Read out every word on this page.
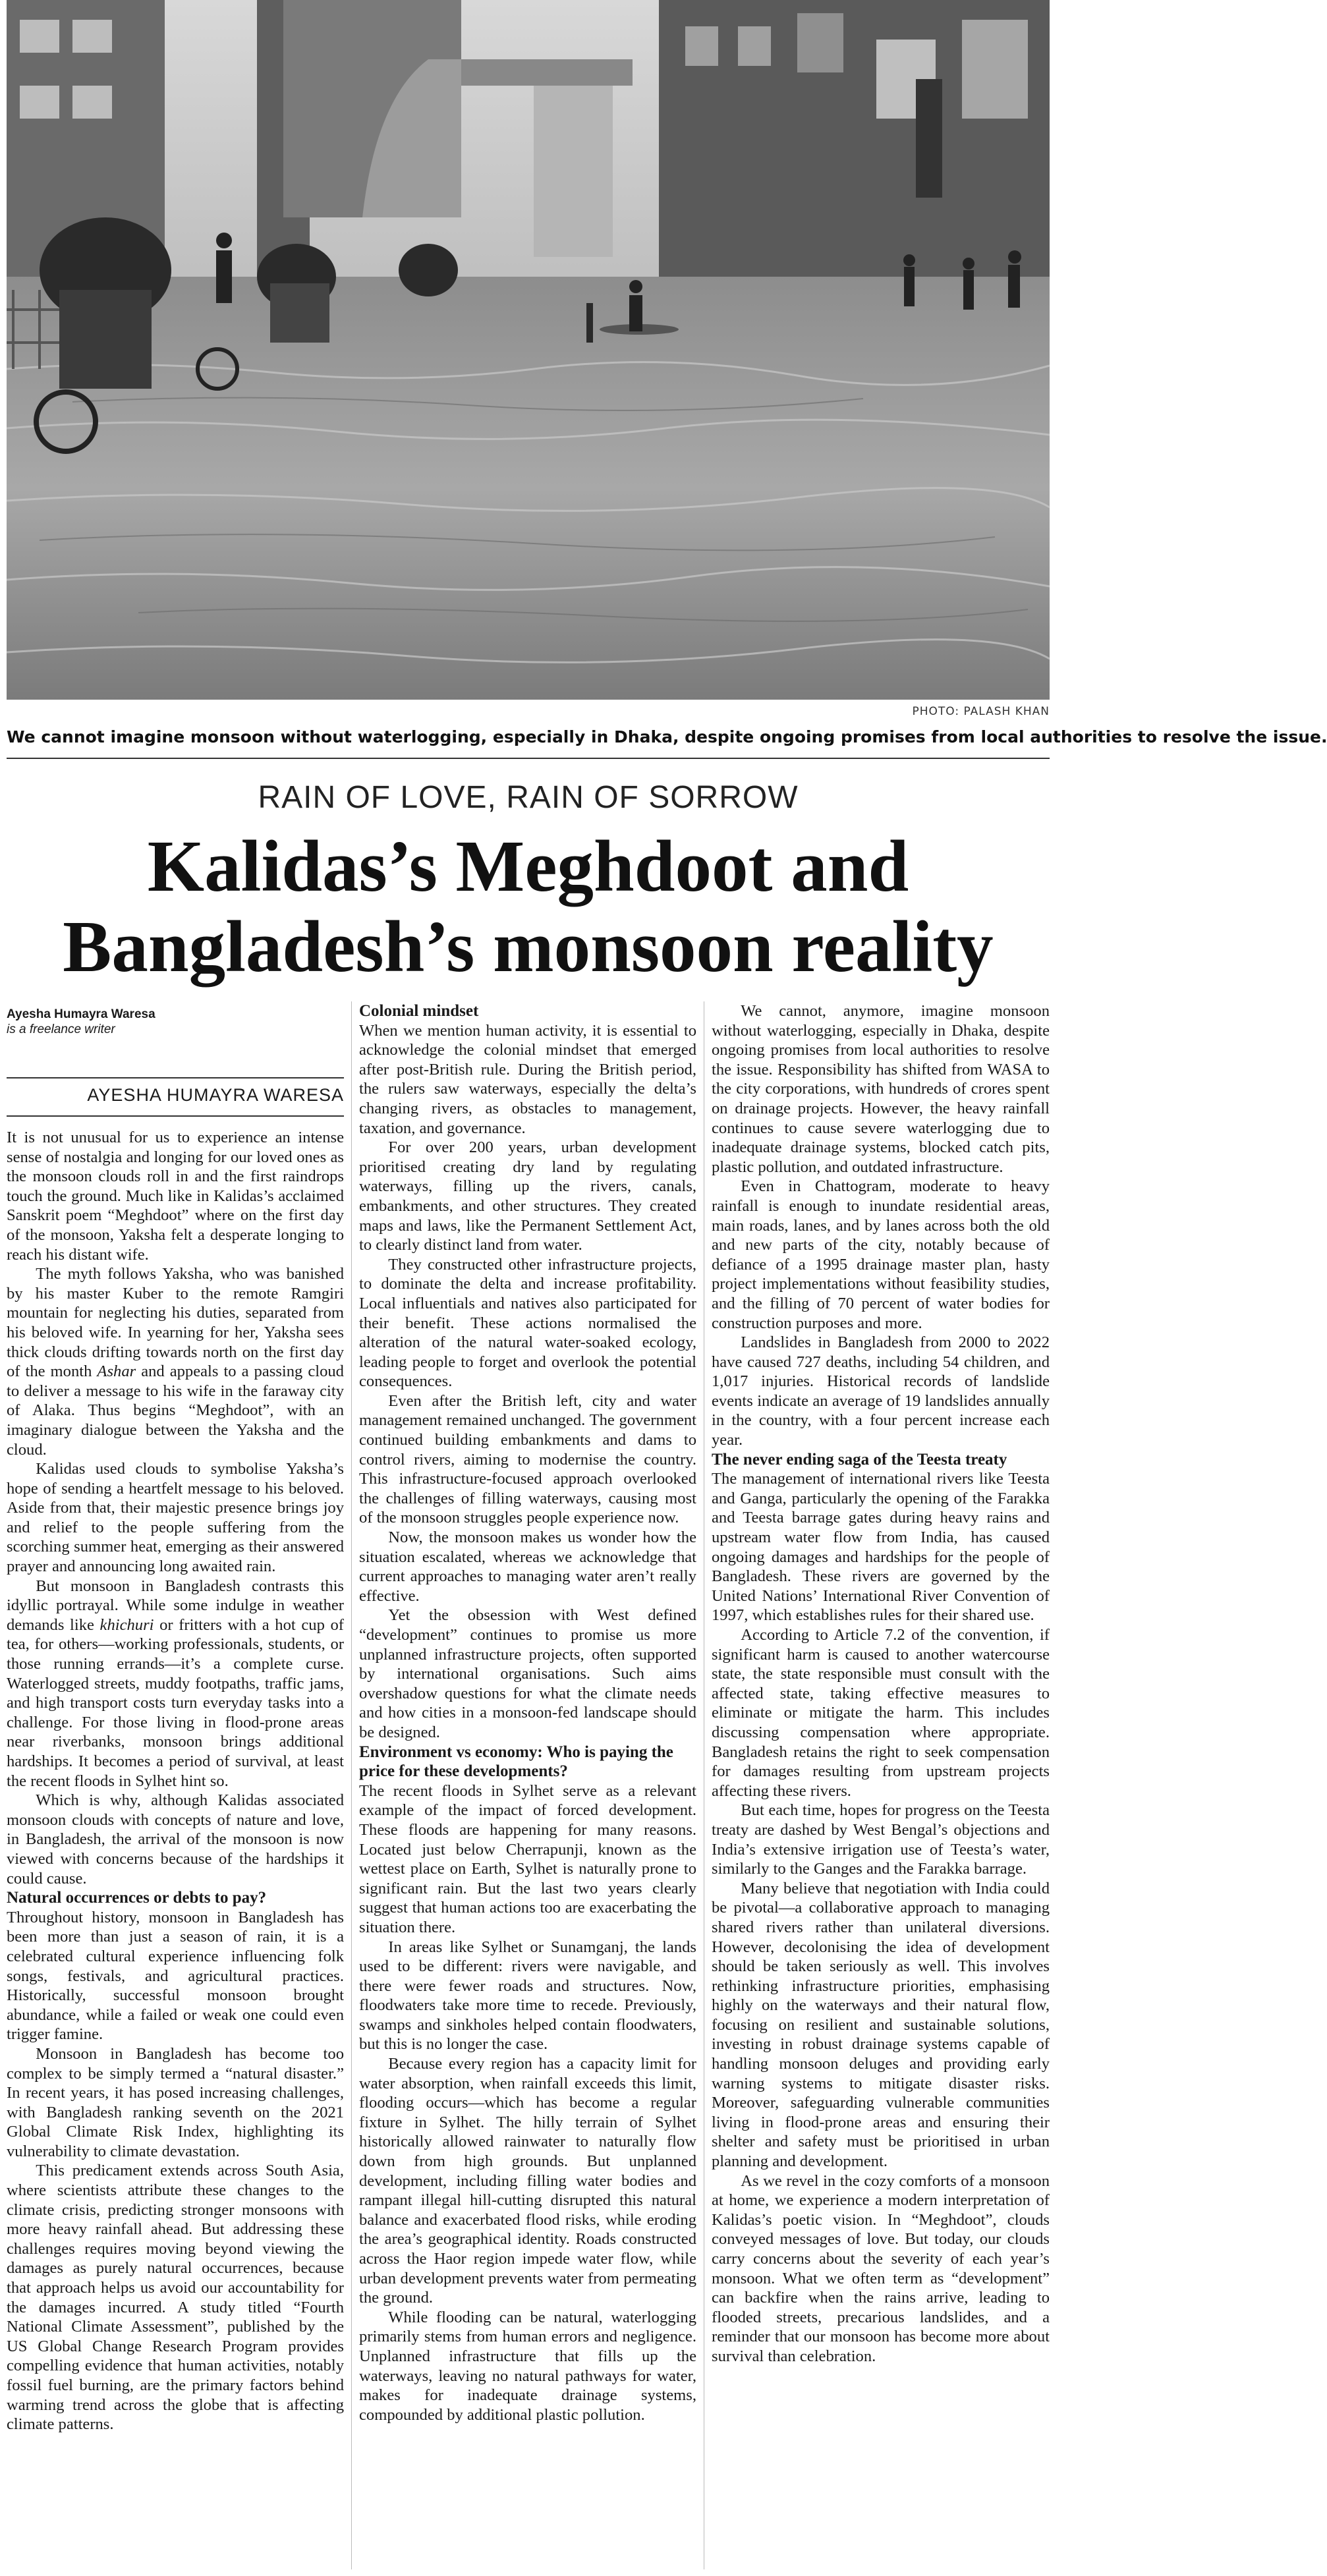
PHOTO: PALASH KHAN
We cannot imagine monsoon without waterlogging, especially in Dhaka, despite ongoing promises from local authorities to resolve the issue.
RAIN OF LOVE, RAIN OF SORROW
Kalidas’s Meghdoot and
Bangladesh’s monsoon reality
Ayesha Humayra Waresa
is a freelance writer
AYESHA HUMAYRA WARESA

It is not unusual for us to experience an intense sense of nostalgia and longing for our loved ones as the monsoon clouds roll in and the first raindrops touch the ground. Much like in Kalidas’s acclaimed Sanskrit poem “Meghdoot” where on the first day of the monsoon, Yaksha felt a desperate longing to reach his distant wife.

The myth follows Yaksha, who was banished by his master Kuber to the remote Ramgiri mountain for neglecting his duties, separated from his beloved wife. In yearning for her, Yaksha sees thick clouds drifting towards north on the first day of the month Ashar and appeals to a passing cloud to deliver a message to his wife in the faraway city of Alaka. Thus begins “Meghdoot”, with an imaginary dialogue between the Yaksha and the cloud.

Kalidas used clouds to symbolise Yaksha’s hope of sending a heartfelt message to his beloved. Aside from that, their majestic presence brings joy and relief to the people suffering from the scorching summer heat, emerging as their answered prayer and announcing long awaited rain.

But monsoon in Bangladesh contrasts this idyllic portrayal. While some indulge in weather demands like khichuri or fritters with a hot cup of tea, for others—working professionals, students, or those running errands—it’s a complete curse. Waterlogged streets, muddy footpaths, traffic jams, and high transport costs turn everyday tasks into a challenge. For those living in flood-prone areas near riverbanks, monsoon brings additional hardships. It becomes a period of survival, at least the recent floods in Sylhet hint so.

Which is why, although Kalidas associated monsoon clouds with concepts of nature and love, in Bangladesh, the arrival of the monsoon is now viewed with concerns because of the hardships it could cause.

Natural occurrences or debts to pay?

Throughout history, monsoon in Bangladesh has been more than just a season of rain, it is a celebrated cultural experience influencing folk songs, festivals, and agricultural practices. Historically, successful monsoon brought abundance, while a failed or weak one could even trigger famine.

Monsoon in Bangladesh has become too complex to be simply termed a “natural disaster.” In recent years, it has posed increasing challenges, with Bangladesh ranking seventh on the 2021 Global Climate Risk Index, highlighting its vulnerability to climate devastation.

This predicament extends across South Asia, where scientists attribute these changes to the climate crisis, predicting stronger monsoons with more heavy rainfall ahead. But addressing these challenges requires moving beyond viewing the damages as purely natural occurrences, because that approach helps us avoid our accountability for the damages incurred. A study titled “Fourth National Climate Assessment”, published by the US Global Change Research Program provides compelling evidence that human activities, notably fossil fuel burning, are the primary factors behind warming trend across the globe that is affecting climate patterns.

Colonial mindset

When we mention human activity, it is essential to acknowledge the colonial mindset that emerged after post-British rule. During the British period, the rulers saw waterways, especially the delta’s changing rivers, as obstacles to management, taxation, and governance.

For over 200 years, urban development prioritised creating dry land by regulating waterways, filling up the rivers, canals, embankments, and other structures. They created maps and laws, like the Permanent Settlement Act, to clearly distinct land from water.

They constructed other infrastructure projects, to dominate the delta and increase profitability. Local influentials and natives also participated for their benefit. These actions normalised the alteration of the natural water-soaked ecology, leading people to forget and overlook the potential consequences.

Even after the British left, city and water management remained unchanged. The government continued building embankments and dams to control rivers, aiming to modernise the country. This infrastructure-focused approach overlooked the challenges of filling waterways, causing most of the monsoon struggles people experience now.

Now, the monsoon makes us wonder how the situation escalated, whereas we acknowledge that current approaches to managing water aren’t really effective.

Yet the obsession with West defined “development” continues to promise us more unplanned infrastructure projects, often supported by international organisations. Such aims overshadow questions for what the climate needs and how cities in a monsoon-fed landscape should be designed.

Environment vs economy: Who is paying the price for these developments?

The recent floods in Sylhet serve as a relevant example of the impact of forced development. These floods are happening for many reasons. Located just below Cherrapunji, known as the wettest place on Earth, Sylhet is naturally prone to significant rain. But the last two years clearly suggest that human actions too are exacerbating the situation there.

In areas like Sylhet or Sunamganj, the lands used to be different: rivers were navigable, and there were fewer roads and structures. Now, floodwaters take more time to recede. Previously, swamps and sinkholes helped contain floodwaters, but this is no longer the case.

Because every region has a capacity limit for water absorption, when rainfall exceeds this limit, flooding occurs—which has become a regular fixture in Sylhet. The hilly terrain of Sylhet historically allowed rainwater to naturally flow down from high grounds. But unplanned development, including filling water bodies and rampant illegal hill-cutting disrupted this natural balance and exacerbated flood risks, while eroding the area’s geographical identity. Roads constructed across the Haor region impede water flow, while urban development prevents water from permeating the ground.

While flooding can be natural, waterlogging primarily stems from human errors and negligence. Unplanned infrastructure that fills up the waterways, leaving no natural pathways for water, makes for inadequate drainage systems, compounded by additional plastic pollution.

We cannot, anymore, imagine monsoon without waterlogging, especially in Dhaka, despite ongoing promises from local authorities to resolve the issue. Responsibility has shifted from WASA to the city corporations, with hundreds of crores spent on drainage projects. However, the heavy rainfall continues to cause severe waterlogging due to inadequate drainage systems, blocked catch pits, plastic pollution, and outdated infrastructure.

Even in Chattogram, moderate to heavy rainfall is enough to inundate residential areas, main roads, lanes, and by lanes across both the old and new parts of the city, notably because of defiance of a 1995 drainage master plan, hasty project implementations without feasibility studies, and the filling of 70 percent of water bodies for construction purposes and more.

Landslides in Bangladesh from 2000 to 2022 have caused 727 deaths, including 54 children, and 1,017 injuries. Historical records of landslide events indicate an average of 19 landslides annually in the country, with a four percent increase each year.

The never ending saga of the Teesta treaty

The management of international rivers like Teesta and Ganga, particularly the opening of the Farakka and Teesta barrage gates during heavy rains and upstream water flow from India, has caused ongoing damages and hardships for the people of Bangladesh. These rivers are governed by the United Nations’ International River Convention of 1997, which establishes rules for their shared use.

According to Article 7.2 of the convention, if significant harm is caused to another watercourse state, the state responsible must consult with the affected state, taking effective measures to eliminate or mitigate the harm. This includes discussing compensation where appropriate. Bangladesh retains the right to seek compensation for damages resulting from upstream projects affecting these rivers.

But each time, hopes for progress on the Teesta treaty are dashed by West Bengal’s objections and India’s extensive irrigation use of Teesta’s water, similarly to the Ganges and the Farakka barrage.

Many believe that negotiation with India could be pivotal—a collaborative approach to managing shared rivers rather than unilateral diversions. However, decolonising the idea of development should be taken seriously as well. This involves rethinking infrastructure priorities, emphasising highly on the waterways and their natural flow, focusing on resilient and sustainable solutions, investing in robust drainage systems capable of handling monsoon deluges and providing early warning systems to mitigate disaster risks. Moreover, safeguarding vulnerable communities living in flood-prone areas and ensuring their shelter and safety must be prioritised in urban planning and development.

As we revel in the cozy comforts of a monsoon at home, we experience a modern interpretation of Kalidas’s poetic vision. In “Meghdoot”, clouds conveyed messages of love. But today, our clouds carry concerns about the severity of each year’s monsoon. What we often term as “development” can backfire when the rains arrive, leading to flooded streets, precarious landslides, and a reminder that our monsoon has become more about survival than celebration.
